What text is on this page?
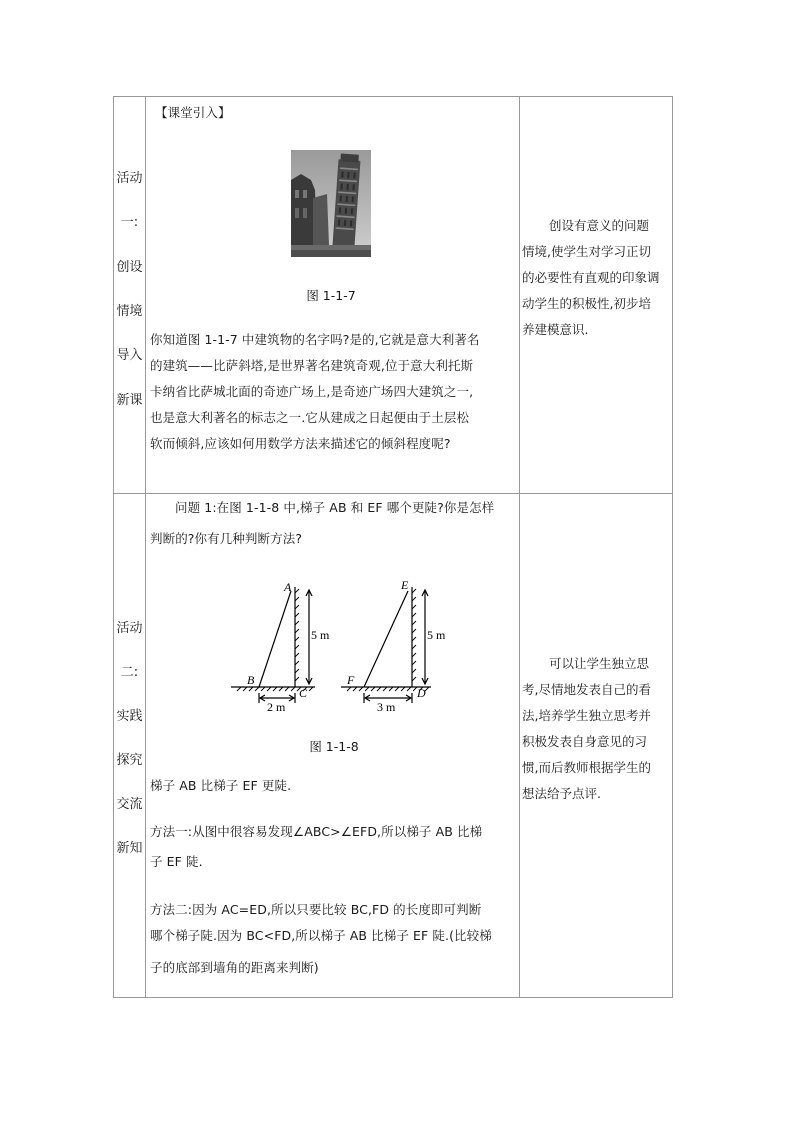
活动
一:
创设
情境
导入
新课
【课堂引入】
图 1-1-7
你知道图 1-1-7 中建筑物的名字吗?是的,它就是意大利著名
的建筑——比萨斜塔,是世界著名建筑奇观,位于意大利托斯
卡纳省比萨城北面的奇迹广场上,是奇迹广场四大建筑之一,
也是意大利著名的标志之一.它从建成之日起便由于土层松
软而倾斜,应该如何用数学方法来描述它的倾斜程度呢?
创设有意义的问题
情境,使学生对学习正切
的必要性有直观的印象调
动学生的积极性,初步培
养建模意识.
活动
二:
实践
探究
交流
新知
问题 1:在图 1-1-8 中,梯子 AB 和 EF 哪个更陡?你是怎样
判断的?你有几种判断方法?
A
B
C
5 m
2 m
E
F
D
5 m
3 m
图 1-1-8
梯子 AB 比梯子 EF 更陡.
方法一:从图中很容易发现∠ABC>∠EFD,所以梯子 AB 比梯
子 EF 陡.
方法二:因为 AC=ED,所以只要比较 BC,FD 的长度即可判断
哪个梯子陡.因为 BC<FD,所以梯子 AB 比梯子 EF 陡.(比较梯
子的底部到墙角的距离来判断)
可以让学生独立思
考,尽情地发表自己的看
法,培养学生独立思考并
积极发表自身意见的习
惯,而后教师根据学生的
想法给予点评.
